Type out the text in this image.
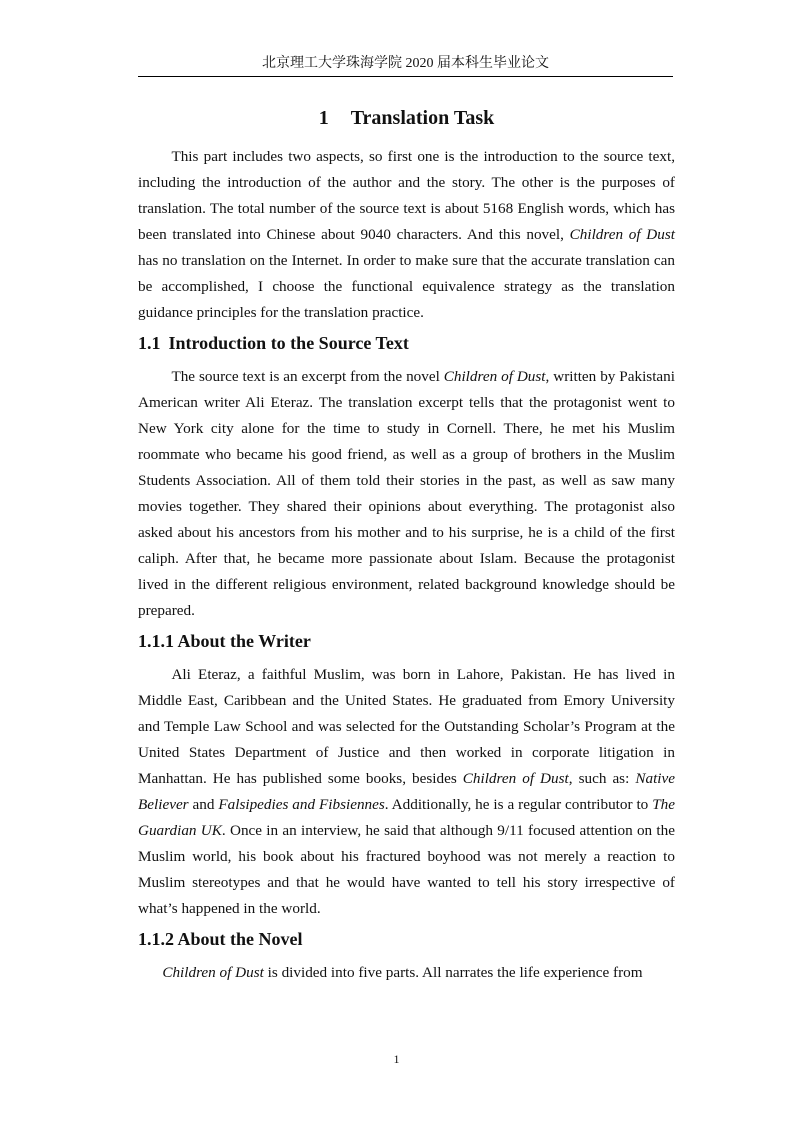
北京理工大学珠海学院 2020 届本科生毕业论文
1 Translation Task

This part includes two aspects, so first one is the introduction to the source text, including the introduction of the author and the story. The other is the purposes of translation. The total number of the source text is about 5168 English words, which has been translated into Chinese about 9040 characters. And this novel, Children of Dust has no translation on the Internet. In order to make sure that the accurate translation can be accomplished, I choose the functional equivalence strategy as the translation guidance principles for the translation practice.

1.1 Introduction to the Source Text

The source text is an excerpt from the novel Children of Dust, written by Pakistani American writer Ali Eteraz. The translation excerpt tells that the protagonist went to New York city alone for the time to study in Cornell. There, he met his Muslim roommate who became his good friend, as well as a group of brothers in the Muslim Students Association. All of them told their stories in the past, as well as saw many movies together. They shared their opinions about everything. The protagonist also asked about his ancestors from his mother and to his surprise, he is a child of the first caliph. After that, he became more passionate about Islam. Because the protagonist lived in the different religious environment, related background knowledge should be prepared.

1.1.1 About the Writer

Ali Eteraz, a faithful Muslim, was born in Lahore, Pakistan. He has lived in Middle East, Caribbean and the United States. He graduated from Emory University and Temple Law School and was selected for the Outstanding Scholar’s Program at the United States Department of Justice and then worked in corporate litigation in Manhattan. He has published some books, besides Children of Dust, such as: Native Believer and Falsipedies and Fibsiennes. Additionally, he is a regular contributor to The Guardian UK. Once in an interview, he said that although 9/11 focused attention on the Muslim world, his book about his fractured boyhood was not merely a reaction to Muslim stereotypes and that he would have wanted to tell his story irrespective of what’s happened in the world.

1.1.2 About the Novel

Children of Dust is divided into five parts. All narrates the life experience from

1
